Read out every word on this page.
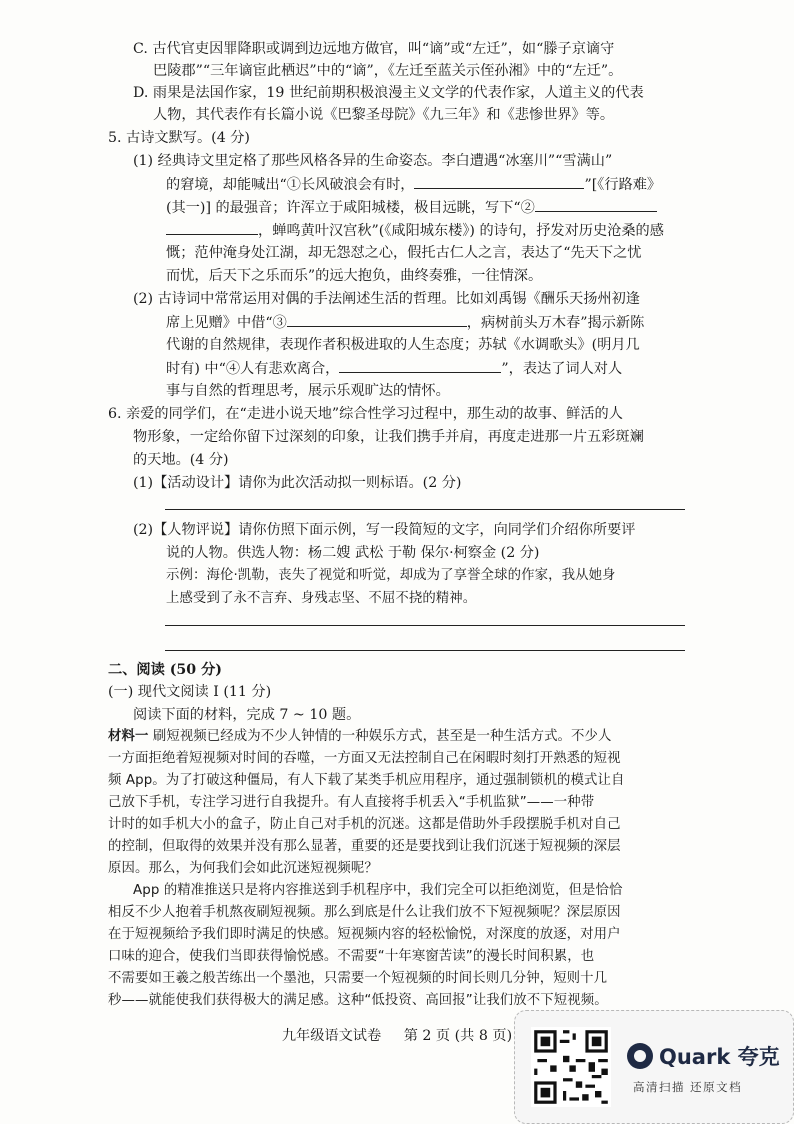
C. 古代官吏因罪降职或调到边远地方做官，叫“谪”或“左迁”，如“滕子京谪守
巴陵郡”“三年谪宦此栖迟”中的“谪”，《左迁至蓝关示侄孙湘》中的“左迁”。
D. 雨果是法国作家，19 世纪前期积极浪漫主义文学的代表作家，人道主义的代表
人物，其代表作有长篇小说《巴黎圣母院》《九三年》和《悲惨世界》等。
5. 古诗文默写。(4 分)
(1) 经典诗文里定格了那些风格各异的生命姿态。李白遭遇“冰塞川”“雪满山”
的窘境，却能喊出“①长风破浪会有时，	”[《行路难》
(其一)] 的最强音；许浑立于咸阳城楼，极目远眺，写下“②
，蝉鸣黄叶汉宫秋”(《咸阳城东楼》) 的诗句，抒发对历史沧桑的感
慨；范仲淹身处江湖，却无怨怼之心，假托古仁人之言，表达了“先天下之忧
而忧，后天下之乐而乐”的远大抱负，曲终奏雅，一往情深。
(2) 古诗词中常常运用对偶的手法阐述生活的哲理。比如刘禹锡《酬乐天扬州初逢
席上见赠》中借“③	，病树前头万木春”揭示新陈
代谢的自然规律，表现作者积极进取的人生态度；苏轼《水调歌头》(明月几
时有) 中“④人有悲欢离合，	”，表达了词人对人
事与自然的哲理思考，展示乐观旷达的情怀。
6. 亲爱的同学们，在“走进小说天地”综合性学习过程中，那生动的故事、鲜活的人
物形象，一定给你留下过深刻的印象，让我们携手并肩，再度走进那一片五彩斑斓
的天地。(4 分)
(1)【活动设计】请你为此次活动拟一则标语。(2 分)
(2)【人物评说】请你仿照下面示例，写一段简短的文字，向同学们介绍你所要评
说的人物。供选人物：杨二嫂 武松 于勒 保尔·柯察金 (2 分)
示例：海伦·凯勒，丧失了视觉和听觉，却成为了享誉全球的作家，我从她身
上感受到了永不言弃、身残志坚、不屈不挠的精神。
二、阅读 (50 分)
(一) 现代文阅读 I (11 分)
阅读下面的材料，完成 7 ~ 10 题。
材料一 刷短视频已经成为不少人钟情的一种娱乐方式，甚至是一种生活方式。不少人
一方面拒绝着短视频对时间的吞噬，一方面又无法控制自己在闲暇时刻打开熟悉的短视
频 App。为了打破这种僵局，有人下载了某类手机应用程序，通过强制锁机的模式让自
己放下手机，专注学习进行自我提升。有人直接将手机丢入“手机监狱”——一种带
计时的如手机大小的盒子，防止自己对手机的沉迷。这都是借助外手段摆脱手机对自己
的控制，但取得的效果并没有那么显著，重要的还是要找到让我们沉迷于短视频的深层
原因。那么，为何我们会如此沉迷短视频呢？
App 的精准推送只是将内容推送到手机程序中，我们完全可以拒绝浏览，但是恰恰
九年级语文试卷 第 2 页 (共 8 页)
Quark 夸克
高清扫描 还原文档
相反不少人抱着手机熬夜刷短视频。那么到底是什么让我们放不下短视频呢？深层原因
在于短视频给予我们即时满足的快感。短视频内容的轻松愉悦，对深度的放逐，对用户
口味的迎合，使我们当即获得愉悦感。不需要“十年寒窗苦读”的漫长时间积累，也
不需要如王羲之般苦练出一个墨池，只需要一个短视频的时间长则几分钟，短则十几
秒——就能使我们获得极大的满足感。这种“低投资、高回报”让我们放不下短视频。
